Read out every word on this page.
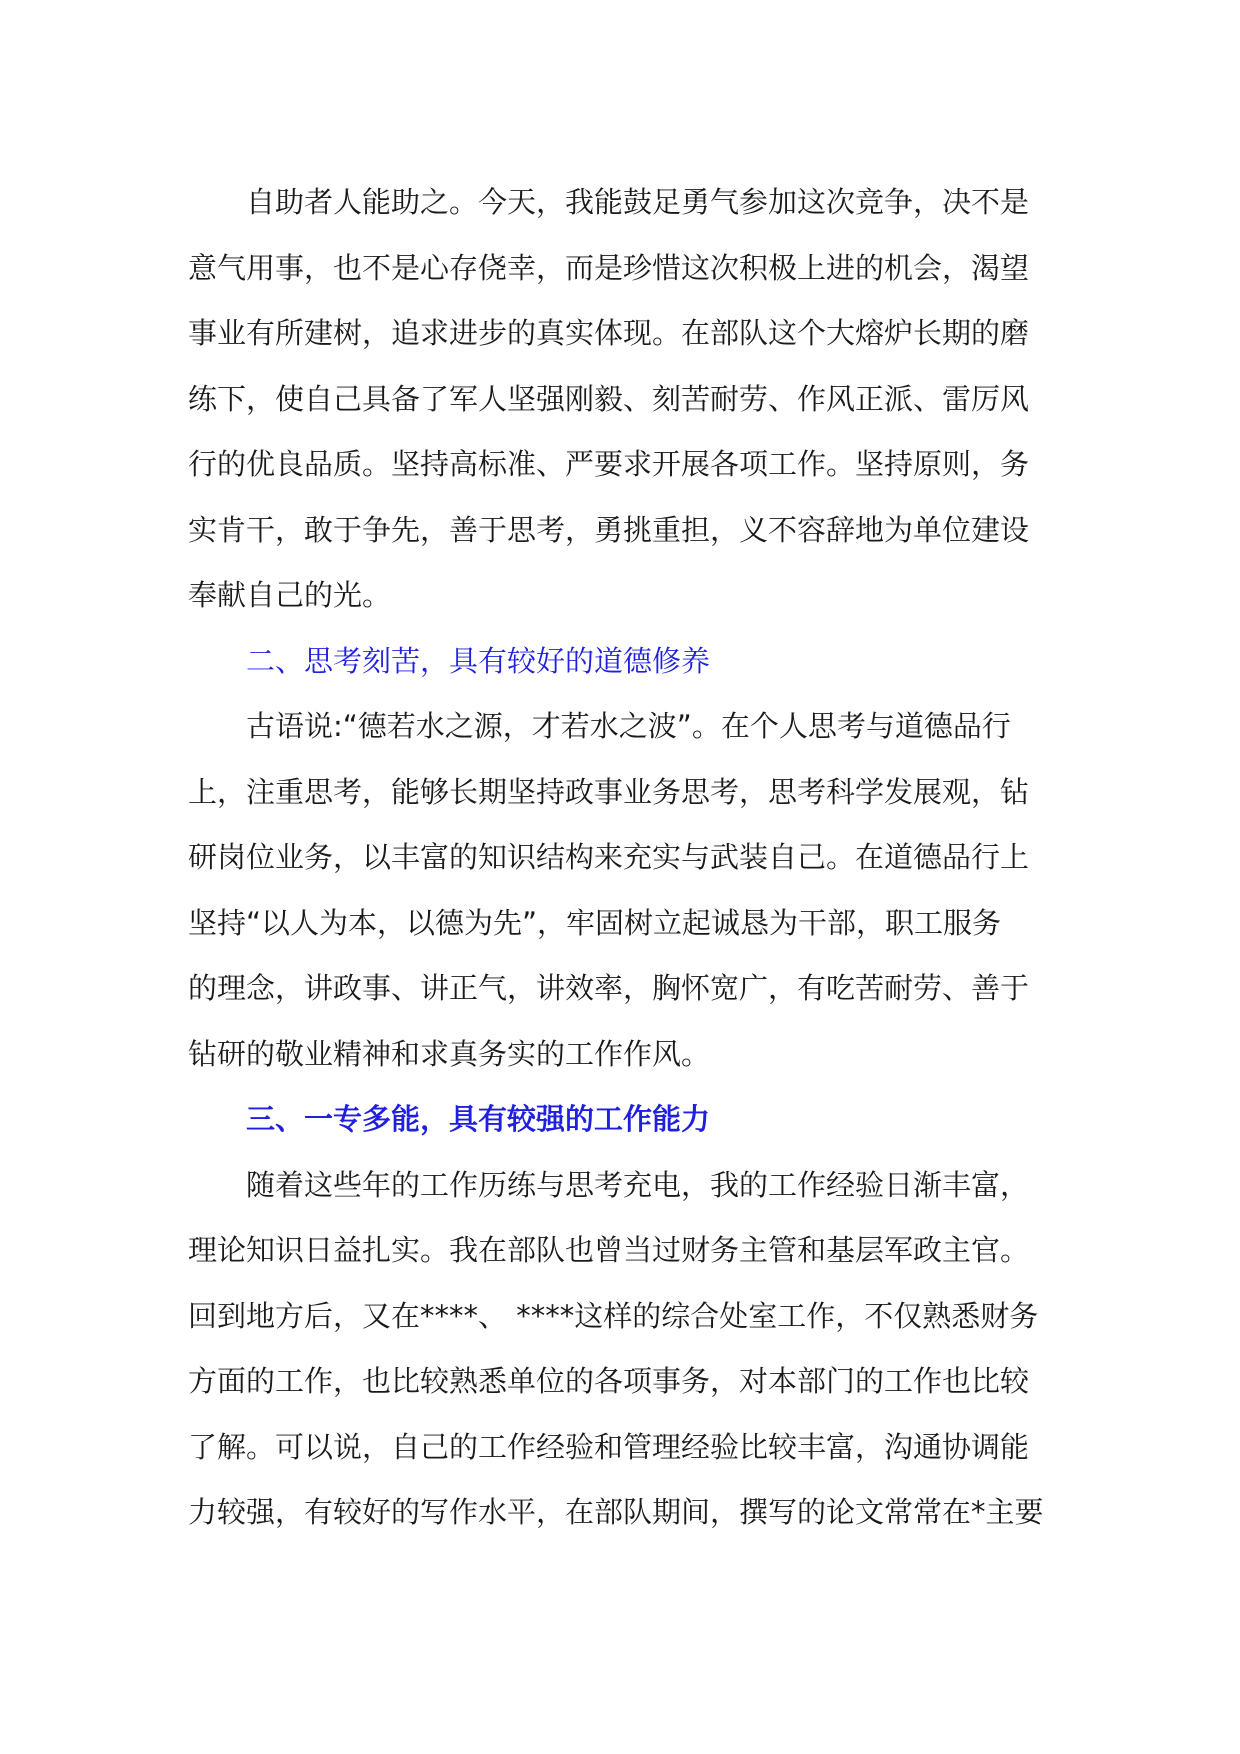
自助者人能助之。今天，我能鼓足勇气参加这次竞争，决不是
意气用事，也不是心存侥幸，而是珍惜这次积极上进的机会，渴望
事业有所建树，追求进步的真实体现。在部队这个大熔炉长期的磨
练下，使自己具备了军人坚强刚毅、刻苦耐劳、作风正派、雷厉风
行的优良品质。坚持高标准、严要求开展各项工作。坚持原则，务
实肯干，敢于争先，善于思考，勇挑重担，义不容辞地为单位建设
奉献自己的光。
二、思考刻苦，具有较好的道德修养
古语说:“德若水之源，才若水之波”。在个人思考与道德品行
上，注重思考，能够长期坚持政事业务思考，思考科学发展观，钻
研岗位业务，以丰富的知识结构来充实与武装自己。在道德品行上
坚持“以人为本，以德为先”，牢固树立起诚恳为干部，职工服务
的理念，讲政事、讲正气，讲效率，胸怀宽广，有吃苦耐劳、善于
钻研的敬业精神和求真务实的工作作风。
三、一专多能，具有较强的工作能力
随着这些年的工作历练与思考充电，我的工作经验日渐丰富，
理论知识日益扎实。我在部队也曾当过财务主管和基层军政主官。
回到地方后，又在****、 ****这样的综合处室工作，不仅熟悉财务
方面的工作，也比较熟悉单位的各项事务，对本部门的工作也比较
了解。可以说，自己的工作经验和管理经验比较丰富，沟通协调能
力较强，有较好的写作水平，在部队期间，撰写的论文常常在*主要
